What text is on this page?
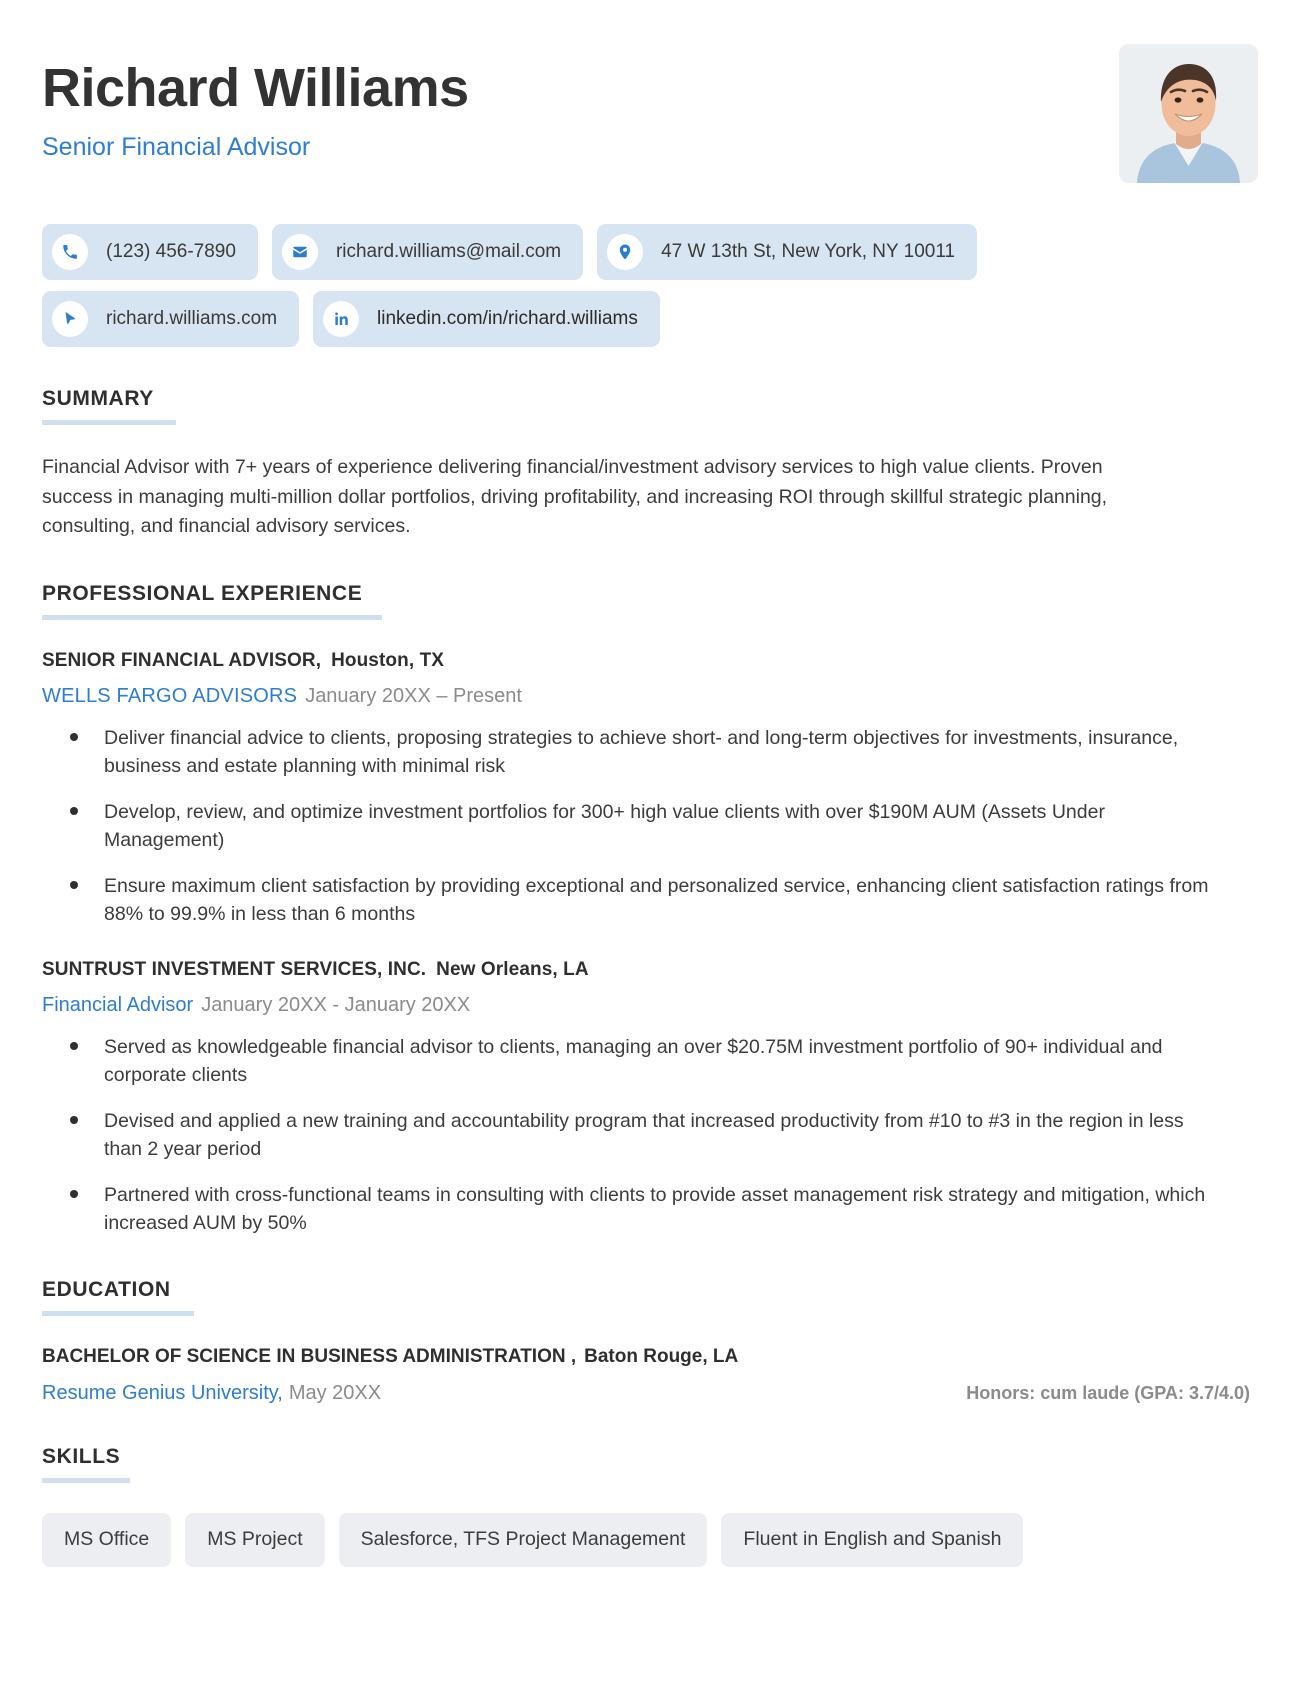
Richard Williams
Senior Financial Advisor
(123) 456-7890	richard.williams@mail.com	47 W 13th St, New York, NY 10011
richard.williams.com	linkedin.com/in/richard.williams
SUMMARY

Financial Advisor with 7+ years of experience delivering financial/investment advisory services to high value clients. Proven success in managing multi-million dollar portfolios, driving profitability, and increasing ROI through skillful strategic planning, consulting, and financial advisory services.

PROFESSIONAL EXPERIENCE
SENIOR FINANCIAL ADVISOR, Houston, TX
WELLS FARGO ADVISORS January 20XX – Present
Deliver financial advice to clients, proposing strategies to achieve short- and long-term objectives for investments, insurance, business and estate planning with minimal risk
Develop, review, and optimize investment portfolios for 300+ high value clients with over $190M AUM (Assets Under Management)
Ensure maximum client satisfaction by providing exceptional and personalized service, enhancing client satisfaction ratings from 88% to 99.9% in less than 6 months
SUNTRUST INVESTMENT SERVICES, INC. New Orleans, LA
Financial Advisor January 20XX - January 20XX
Served as knowledgeable financial advisor to clients, managing an over $20.75M investment portfolio of 90+ individual and corporate clients
Devised and applied a new training and accountability program that increased productivity from #10 to #3 in the region in less than 2 year period
Partnered with cross-functional teams in consulting with clients to provide asset management risk strategy and mitigation, which increased AUM by 50%
EDUCATION
BACHELOR OF SCIENCE IN BUSINESS ADMINISTRATION , Baton Rouge, LA
Resume Genius University, May 20XX	Honors: cum laude (GPA: 3.7/4.0)
SKILLS
MS Office	MS Project	Salesforce, TFS Project Management	Fluent in English and Spanish
